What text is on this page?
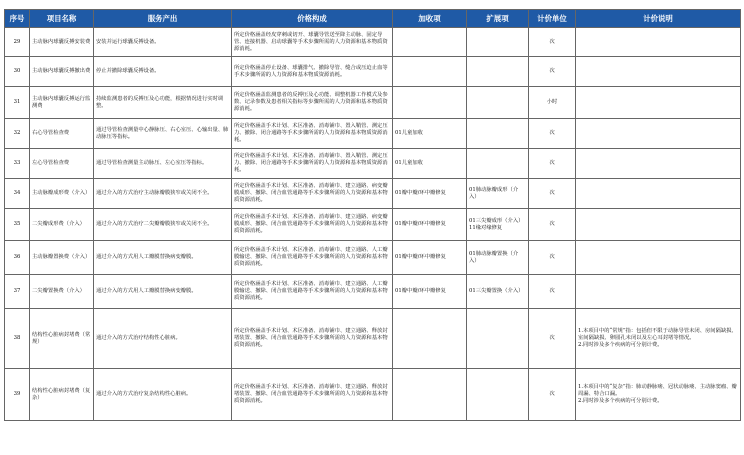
序号	项目名称	服务产出	价格构成	加收项	扩展项	计价单位	计价说明
29	主动脉内球囊反搏安装费	安装并运行球囊反搏设备。	所定价格涵盖经皮穿刺或切开、球囊导管送至降主动脉、固定导管、连接机器、启动球囊等手术步骤所需的人力资源和基本物质资源消耗。			次	
30	主动脉内球囊反搏撤出费	停止并撤除球囊反搏设备。	所定价格涵盖停止设备、球囊排气、撤除导管、缝合或压迫止血等手术步骤所需的人力资源和基本物质资源消耗。			次	
31	主动脉内球囊反搏运行监测费	持续监测患者的反搏压及心功能，根据情况进行实时调整。	所定价格涵盖监测患者的反搏压及心功能、调整机器工作模式及参数、记录参数及患者相关指标等步骤所需的人力资源和基本物质资源消耗。			小时	
32	右心导管检查费	通过导管检查测量中心静脉压、右心室压、心输出量、肺动脉压等指标。	所定价格涵盖手术计划、术区准备、消毒铺巾、置入鞘管、测定压力、撤除、闭合通路等手术步骤所需的人力资源和基本物质资源消耗。	01儿童加收		次	
33	左心导管检查费	通过导管检查测量主动脉压、左心室压等指标。	所定价格涵盖手术计划、术区准备、消毒铺巾、置入鞘管、测定压力、撤除、闭合通路等手术步骤所需的人力资源和基本物质资源消耗。	01儿童加收		次	
34	主动脉瓣成形费（介入）	通过介入的方式治疗主动脉瓣膜狭窄或关闭不全。	所定价格涵盖手术计划、术区准备、消毒铺巾、建立通路、病变瓣膜成形、撤除、闭合血管通路等手术步骤所需的人力资源和基本物质资源消耗。	01瓣中瓣/环中瓣修复	01肺动脉瓣成形（介入）	次	
35	二尖瓣成形费（介入）	通过介入的方式治疗二尖瓣瓣膜狭窄或关闭不全。	所定价格涵盖手术计划、术区准备、消毒铺巾、建立通路、病变瓣膜成形、撤除、闭合血管通路等手术步骤所需的人力资源和基本物质资源消耗。	01瓣中瓣/环中瓣修复	01三尖瓣成形（介入）
11缘对缘修复	次	
36	主动脉瓣置换费（介入）	通过介入的方式用人工瓣膜替换病变瓣膜。	所定价格涵盖手术计划、术区准备、消毒铺巾、建立通路、人工瓣膜输送、撤除、闭合血管通路等手术步骤所需的人力资源和基本物质资源消耗。	01瓣中瓣/环中瓣修复	01肺动脉瓣置换（介入）	次	
37	二尖瓣置换费（介入）	通过介入的方式用人工瓣膜替换病变瓣膜。	所定价格涵盖手术计划、术区准备、消毒铺巾、建立通路、人工瓣膜输送、撤除、闭合血管通路等手术步骤所需的人力资源和基本物质资源消耗。	01瓣中瓣/环中瓣修复	01三尖瓣置换（介入）	次	
38	结构性心脏病封堵费（常规）	通过介入的方式治疗结构性心脏病。	所定价格涵盖手术计划、术区准备、消毒铺巾、建立通路、释放封堵装置、撤除、闭合血管通路等手术步骤所需的人力资源和基本物质资源消耗。			次	1.本项目中的“常规”指：包括但不限于动脉导管未闭、房间隔缺损、室间隔缺损、卵圆孔未闭以及左心耳封堵等情况。
2.同时涉及多个疾病的可分别计费。
39	结构性心脏病封堵费（复杂）	通过介入的方式治疗复杂结构性心脏病。	所定价格涵盖手术计划、术区准备、消毒铺巾、建立通路、释放封堵装置、撤除、闭合血管通路等手术步骤所需的人力资源和基本物质资源消耗。			次	1.本项目中的“复杂”指：肺动静脉瘘、冠状动脉瘘、主动脉窦瘤、瓣周漏、特合口漏。
2.同时涉及多个疾病的可分别计费。
